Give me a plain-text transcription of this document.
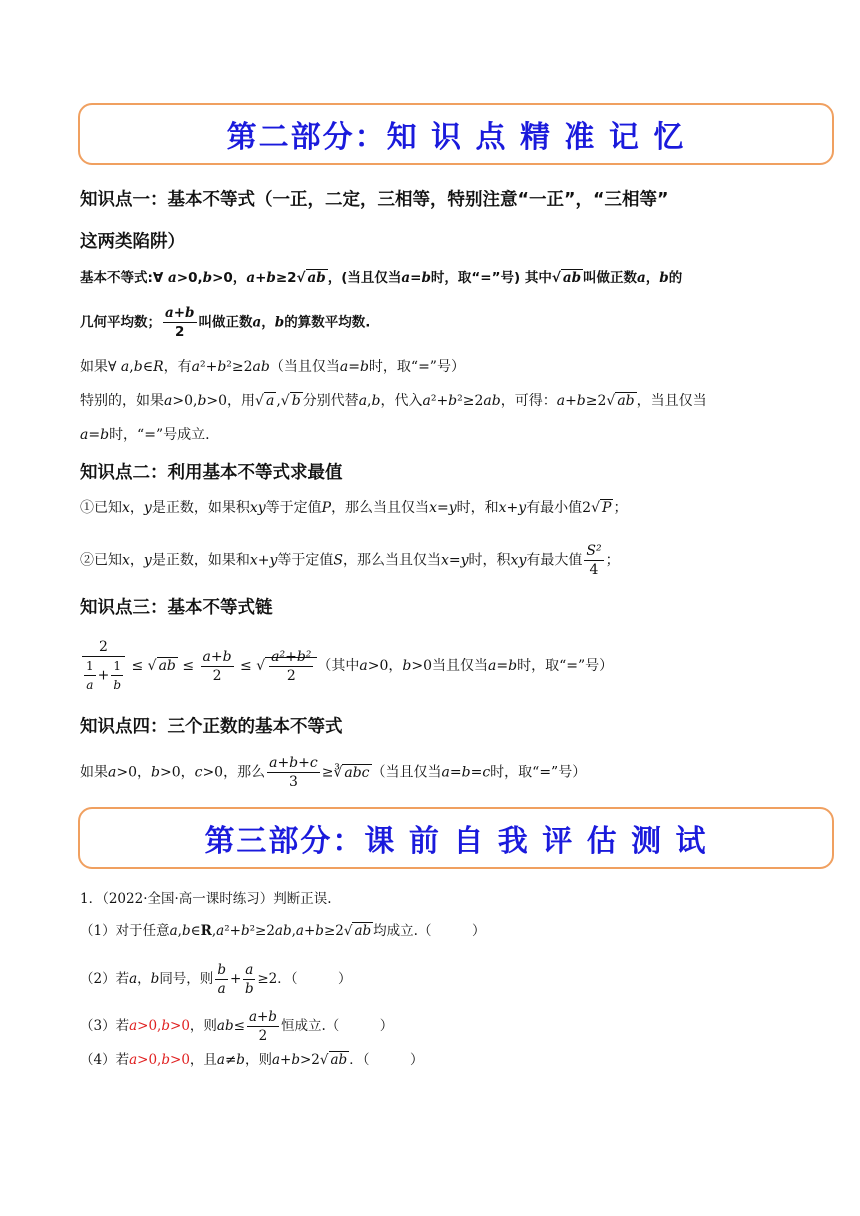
第二部分：知 识 点 精 准 记 忆
知识点一：基本不等式（一正，二定，三相等，特别注意“一正”，“三相等”
这两类陷阱）
基本不等式:∀ a>0,b>0，a+b≥2√ ab ，(当且仅当a=b时，取“=”号) 其中√ ab 叫做正数a，b的
几何平均数； $\frac{a+b}{2}$ 叫做正数a，b的算数平均数.
如果∀ a,b∈R，有a²+b²≥2ab（当且仅当a=b时，取“=”号）
特别的，如果a>0,b>0，用√ a ,√ b 分别代替a,b，代入a²+b²≥2ab，可得：a+b≥2√ ab ，当且仅当
a=b时，“=”号成立.
知识点二：利用基本不等式求最值
①已知x，y是正数，如果积xy等于定值P，那么当且仅当x=y时，和x+y有最小值2√ P ；
②已知x，y是正数，如果和x+y等于定值S，那么当且仅当x=y时，积xy有最大值 $\frac{\text{S²}}{4}$ ；
知识点三：基本不等式链
$\frac{2}{\frac{1}{a} + \frac{1}{b}}$ ≤ √ ab ≤ $\frac{a+b}{2}$ ≤ √ $\frac{\text{a²+b²}}{2}$ （其中a>0，b>0当且仅当a=b时，取“=”号）
知识点四：三个正数的基本不等式
如果a>0，b>0，c>0，那么 $\frac{a+b+c}{3}$ ≥∛ abc （当且仅当a=b=c时，取“=”号）
第三部分：课 前 自 我 评 估 测 试
1．（2022·全国·高一课时练习）判断正误.
（1）对于任意a,b∈R,a²+b²≥2ab,a+b≥2√ ab 均成立.（　　　）
（2）若a，b同号，则 $\frac{b}{a} + \frac{a}{b} \ge 2$．（　　　）
（3）若a>0,b>0，则$ab\le \frac{a+b}{2}$ 恒成立.（　　　）
（4）若a>0,b>0，且a≠b，则a+b>2√ ab ．（　　　）
